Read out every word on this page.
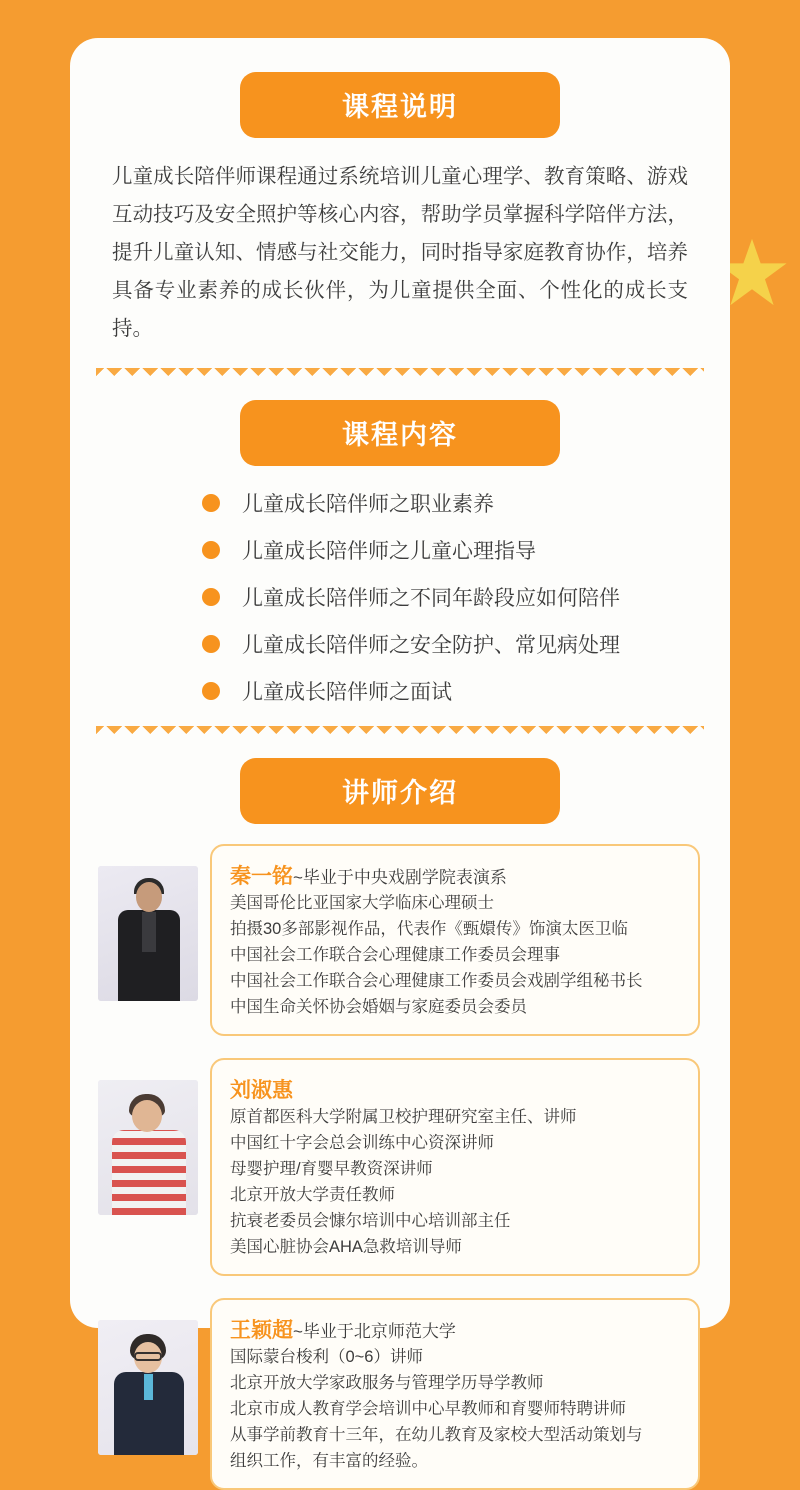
课程说明

儿童成长陪伴师课程通过系统培训儿童心理学、教育策略、游戏互动技巧及安全照护等核心内容，帮助学员掌握科学陪伴方法，提升儿童认知、情感与社交能力，同时指导家庭教育协作，培养具备专业素养的成长伙伴，为儿童提供全面、个性化的成长支持。

课程内容
儿童成长陪伴师之职业素养
儿童成长陪伴师之儿童心理指导
儿童成长陪伴师之不同年龄段应如何陪伴
儿童成长陪伴师之安全防护、常见病处理
儿童成长陪伴师之面试
讲师介绍
秦一铭~毕业于中央戏剧学院表演系
美国哥伦比亚国家大学临床心理硕士
拍摄30多部影视作品，代表作《甄嬛传》饰演太医卫临
中国社会工作联合会心理健康工作委员会理事
中国社会工作联合会心理健康工作委员会戏剧学组秘书长
中国生命关怀协会婚姻与家庭委员会委员
刘淑惠
原首都医科大学附属卫校护理研究室主任、讲师
中国红十字会总会训练中心资深讲师
母婴护理/育婴早教资深讲师
北京开放大学责任教师
抗衰老委员会慷尔培训中心培训部主任
美国心脏协会AHA急救培训导师
王颖超~毕业于北京师范大学
国际蒙台梭利（0~6）讲师
北京开放大学家政服务与管理学历导学教师
北京市成人教育学会培训中心早教师和育婴师特聘讲师
从事学前教育十三年，在幼儿教育及家校大型活动策划与
组织工作，有丰富的经验。
